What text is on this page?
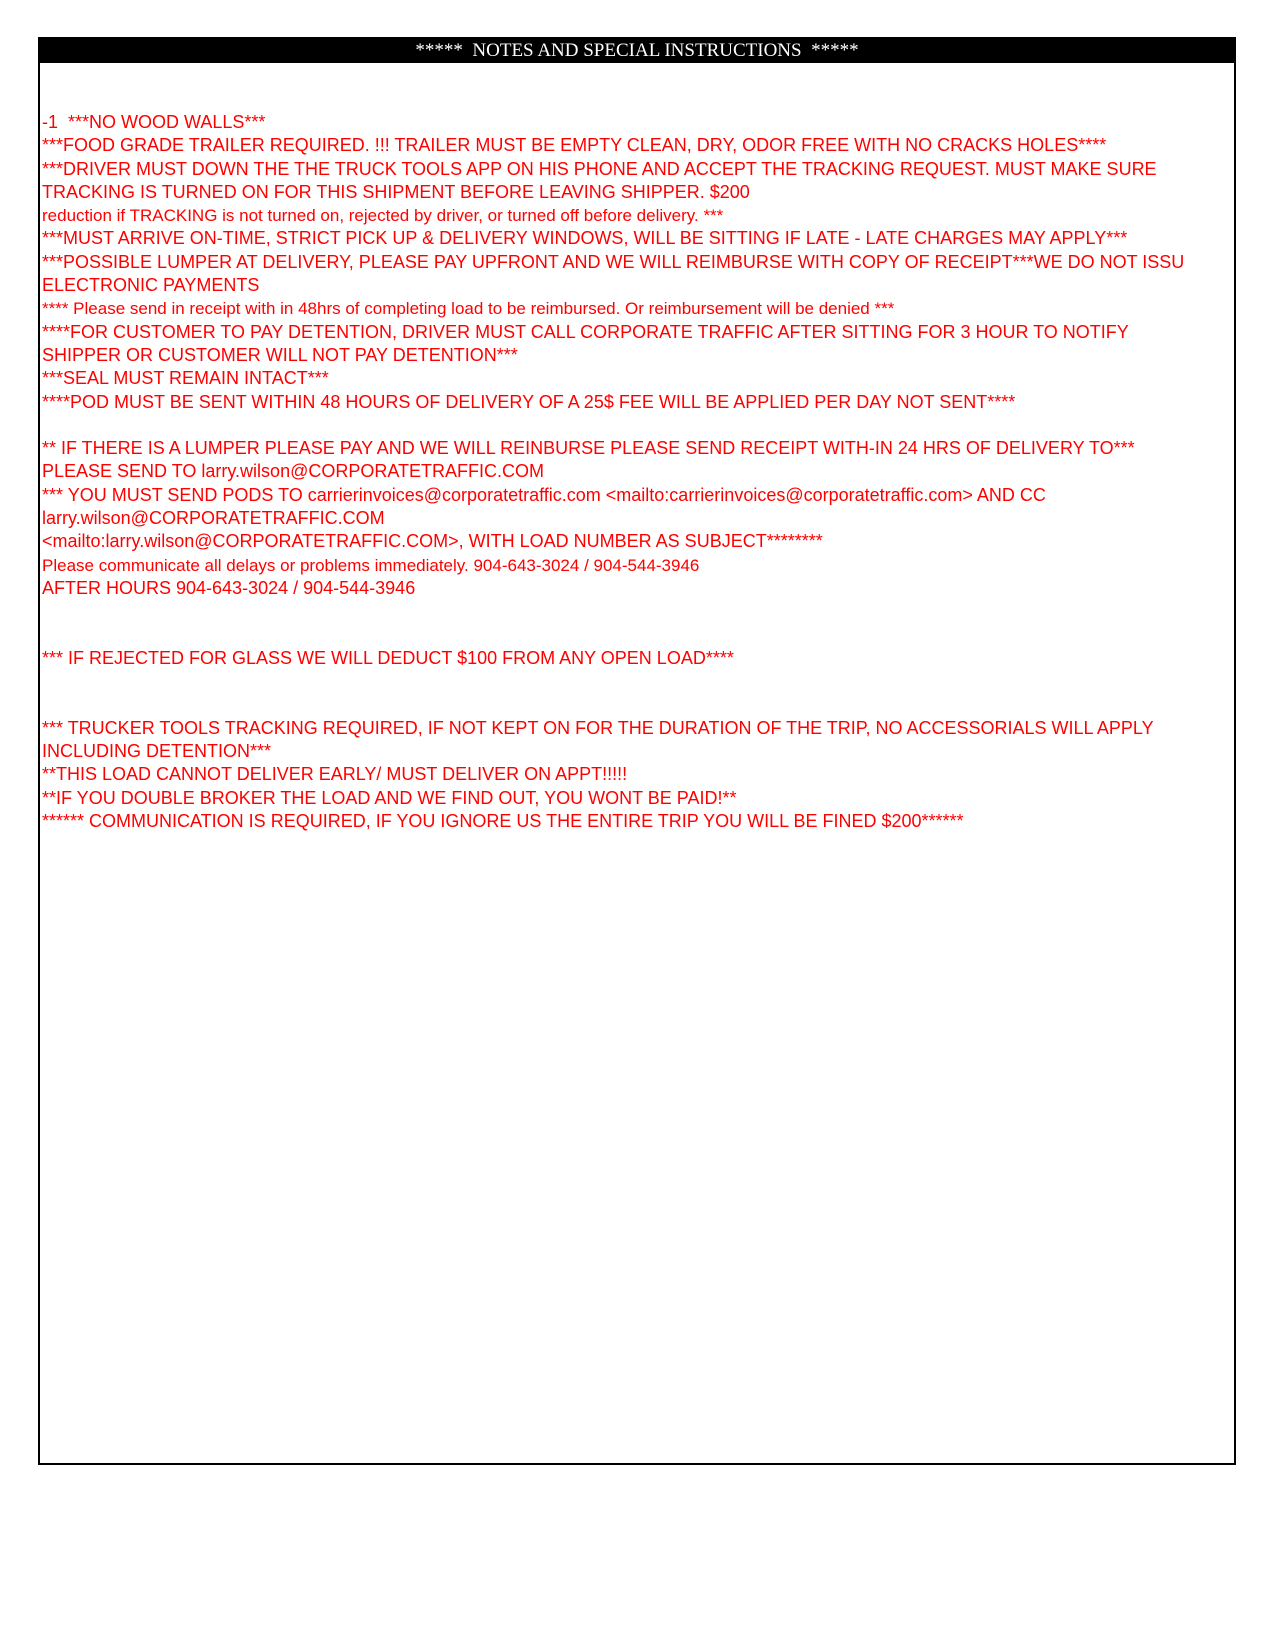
*****  NOTES AND SPECIAL INSTRUCTIONS  *****
-1  ***NO WOOD WALLS***
***FOOD GRADE TRAILER REQUIRED. !!! TRAILER MUST BE EMPTY CLEAN, DRY, ODOR FREE WITH NO CRACKS HOLES****
***DRIVER MUST DOWN THE THE TRUCK TOOLS APP ON HIS PHONE AND ACCEPT THE TRACKING REQUEST. MUST MAKE SURE
TRACKING IS TURNED ON FOR THIS SHIPMENT BEFORE LEAVING SHIPPER. $200
reduction if TRACKING is not turned on, rejected by driver, or turned off before delivery. ***
***MUST ARRIVE ON-TIME, STRICT PICK UP & DELIVERY WINDOWS, WILL BE SITTING IF LATE - LATE CHARGES MAY APPLY***
***POSSIBLE LUMPER AT DELIVERY, PLEASE PAY UPFRONT AND WE WILL REIMBURSE WITH COPY OF RECEIPT***WE DO NOT ISSU
ELECTRONIC PAYMENTS
**** Please send in receipt with in 48hrs of completing load to be reimbursed. Or reimbursement will be denied ***
****FOR CUSTOMER TO PAY DETENTION, DRIVER MUST CALL CORPORATE TRAFFIC AFTER SITTING FOR 3 HOUR TO NOTIFY
SHIPPER OR CUSTOMER WILL NOT PAY DETENTION***
***SEAL MUST REMAIN INTACT***
****POD MUST BE SENT WITHIN 48 HOURS OF DELIVERY OF A 25$ FEE WILL BE APPLIED PER DAY NOT SENT****
** IF THERE IS A LUMPER PLEASE PAY AND WE WILL REINBURSE PLEASE SEND RECEIPT WITH-IN 24 HRS OF DELIVERY TO***
PLEASE SEND TO larry.wilson@CORPORATETRAFFIC.COM
*** YOU MUST SEND PODS TO carrierinvoices@corporatetraffic.com <mailto:carrierinvoices@corporatetraffic.com> AND CC
larry.wilson@CORPORATETRAFFIC.COM
<mailto:larry.wilson@CORPORATETRAFFIC.COM>, WITH LOAD NUMBER AS SUBJECT********
Please communicate all delays or problems immediately. 904-643-3024 / 904-544-3946
AFTER HOURS 904-643-3024 / 904-544-3946
*** IF REJECTED FOR GLASS WE WILL DEDUCT $100 FROM ANY OPEN LOAD****
*** TRUCKER TOOLS TRACKING REQUIRED, IF NOT KEPT ON FOR THE DURATION OF THE TRIP, NO ACCESSORIALS WILL APPLY
INCLUDING DETENTION***
**THIS LOAD CANNOT DELIVER EARLY/ MUST DELIVER ON APPT!!!!!
**IF YOU DOUBLE BROKER THE LOAD AND WE FIND OUT, YOU WONT BE PAID!**
****** COMMUNICATION IS REQUIRED, IF YOU IGNORE US THE ENTIRE TRIP YOU WILL BE FINED $200******
